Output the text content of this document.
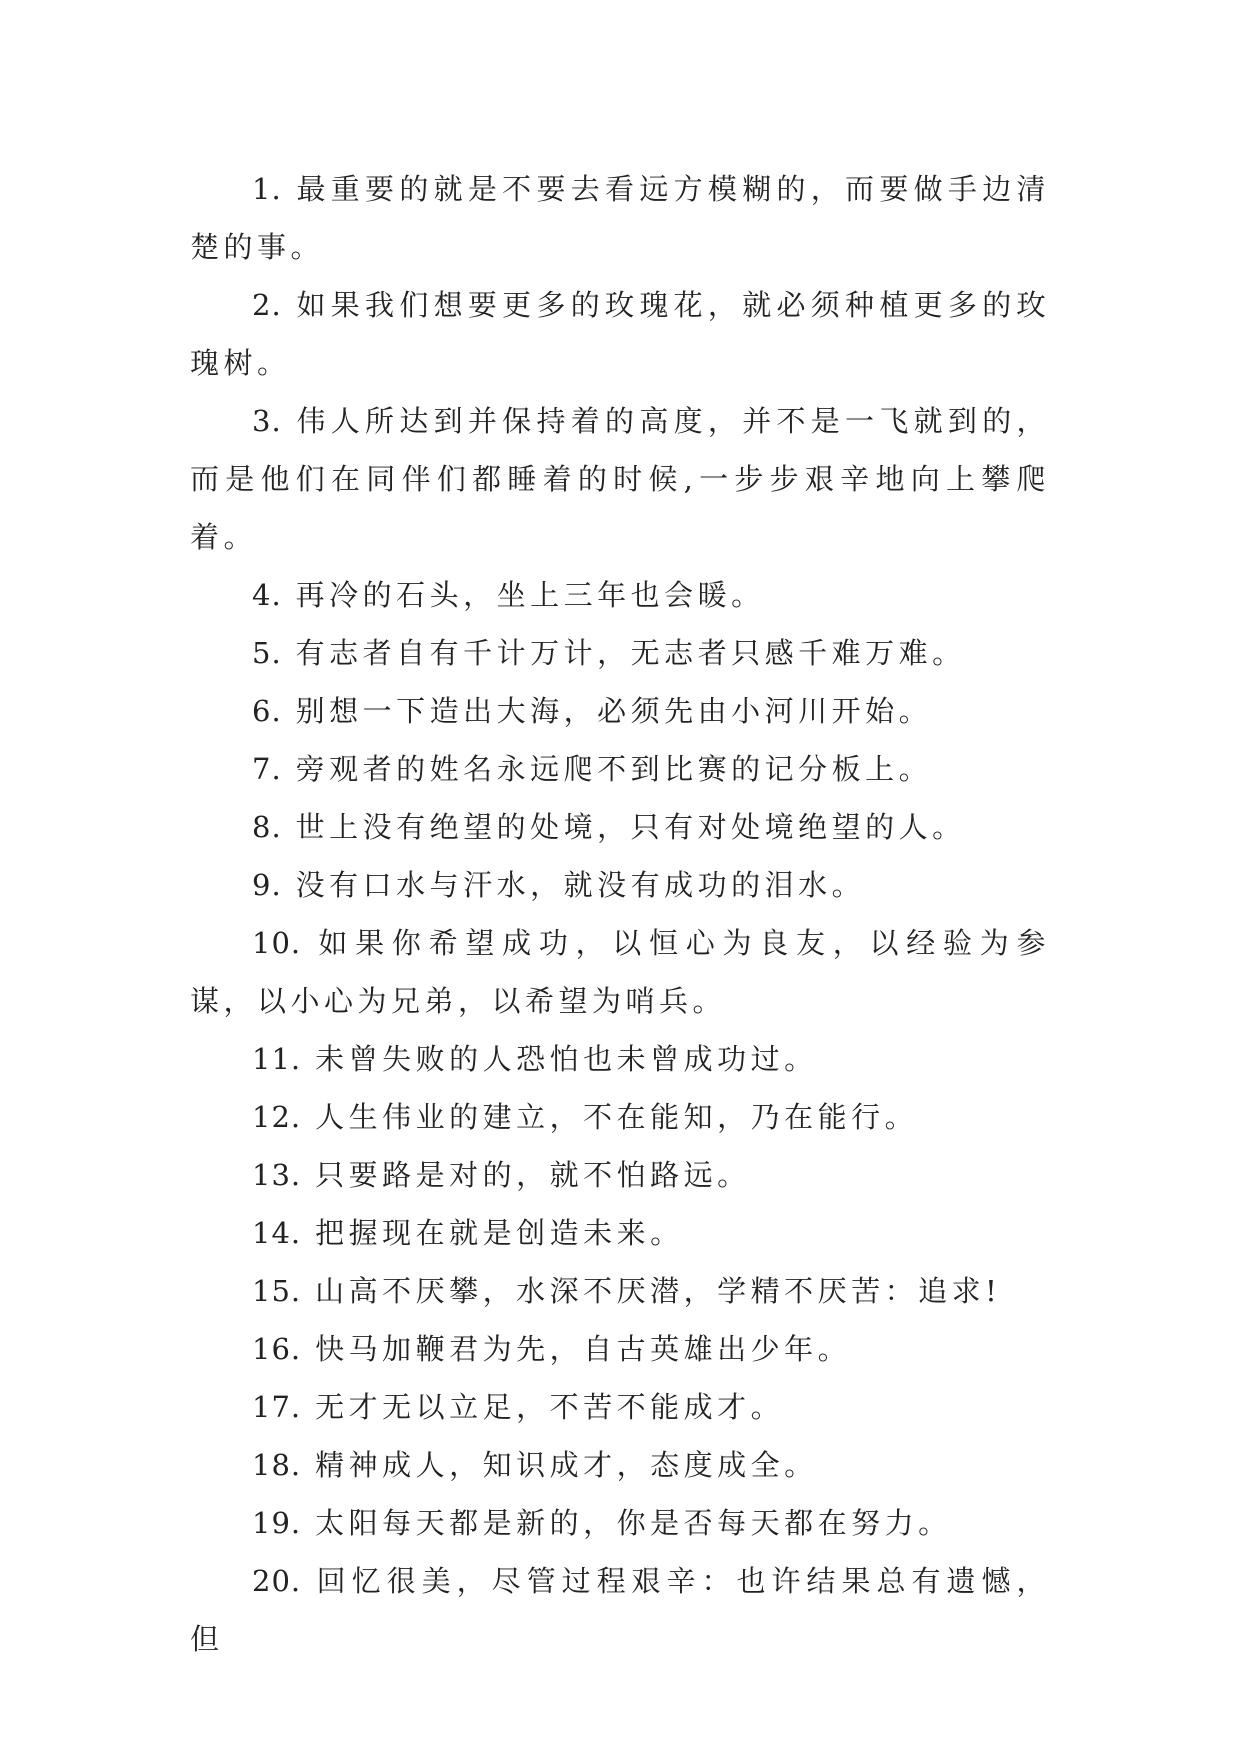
1. 最重要的就是不要去看远方模糊的，而要做手边清楚的事。

2. 如果我们想要更多的玫瑰花，就必须种植更多的玫瑰树。

3. 伟人所达到并保持着的高度，并不是一飞就到的，而是他们在同伴们都睡着的时候,一步步艰辛地向上攀爬着。

4. 再冷的石头，坐上三年也会暖。

5. 有志者自有千计万计，无志者只感千难万难。

6. 别想一下造出大海，必须先由小河川开始。

7. 旁观者的姓名永远爬不到比赛的记分板上。

8. 世上没有绝望的处境，只有对处境绝望的人。

9. 没有口水与汗水，就没有成功的泪水。

10. 如果你希望成功，以恒心为良友，以经验为参谋，以小心为兄弟，以希望为哨兵。

11. 未曾失败的人恐怕也未曾成功过。

12. 人生伟业的建立，不在能知，乃在能行。

13. 只要路是对的，就不怕路远。

14. 把握现在就是创造未来。

15. 山高不厌攀，水深不厌潜，学精不厌苦：追求!

16. 快马加鞭君为先，自古英雄出少年。

17. 无才无以立足，不苦不能成才。

18. 精神成人，知识成才，态度成全。

19. 太阳每天都是新的，你是否每天都在努力。

20. 回忆很美，尽管过程艰辛：也许结果总有遗憾，但
